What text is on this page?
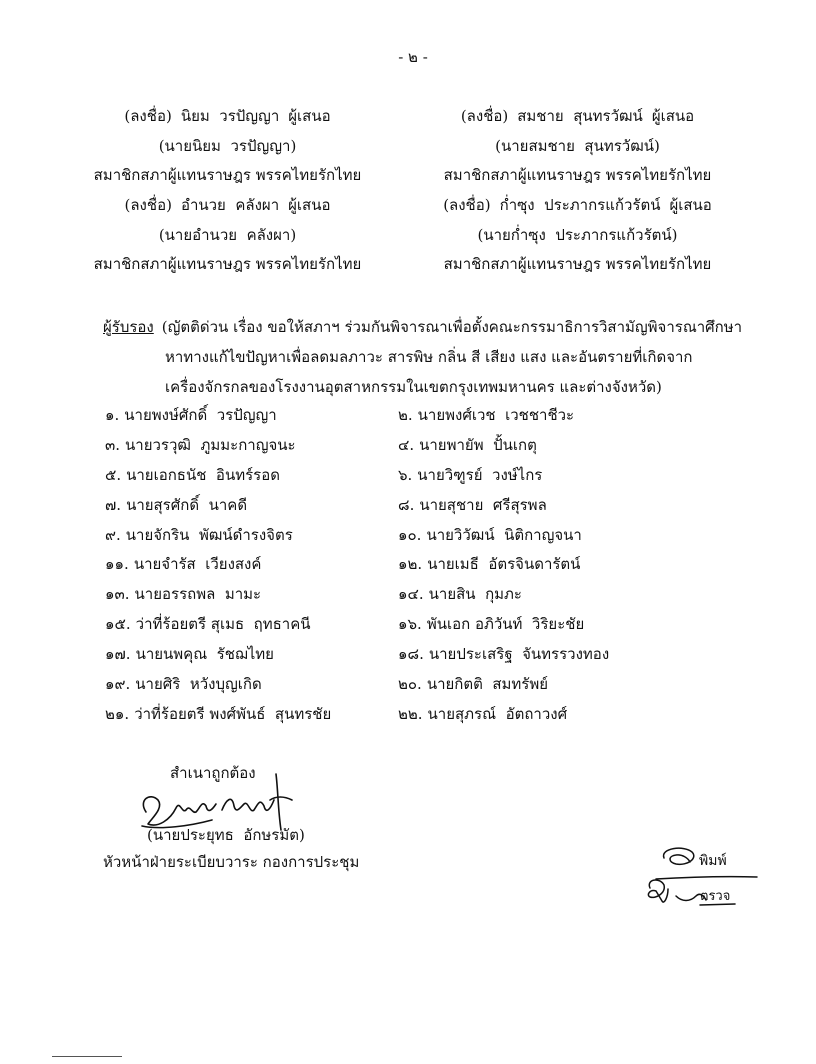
- ๒ -
(ลงชื่อ) นิยม  วรปัญญา ผู้เสนอ
(นายนิยม  วรปัญญา)
สมาชิกสภาผู้แทนราษฎร พรรคไทยรักไทย
(ลงชื่อ) สมชาย  สุนทรวัฒน์ ผู้เสนอ
(นายสมชาย  สุนทรวัฒน์)
สมาชิกสภาผู้แทนราษฎร พรรคไทยรักไทย
(ลงชื่อ) อำนวย  คลังผา ผู้เสนอ
(นายอำนวย  คลังผา)
สมาชิกสภาผู้แทนราษฎร พรรคไทยรักไทย
(ลงชื่อ) ก่ำซุง  ประภากรแก้วรัตน์ ผู้เสนอ
(นายก่ำซุง  ประภากรแก้วรัตน์)
สมาชิกสภาผู้แทนราษฎร พรรคไทยรักไทย
ผู้รับรอง (ญัตติด่วน เรื่อง ขอให้สภาฯ ร่วมกันพิจารณาเพื่อตั้งคณะกรรมาธิการวิสามัญพิจารณาศึกษา
หาทางแก้ไขปัญหาเพื่อลดมลภาวะ สารพิษ กลิ่น สี เสียง แสง และอันตรายที่เกิดจาก
เครื่องจักรกลของโรงงานอุตสาหกรรมในเขตกรุงเทพมหานคร และต่างจังหวัด)
๑. นายพงษ์ศักดิ์  วรปัญญา	๒. นายพงศ์เวช  เวชชาชีวะ
๓. นายวรวุฒิ  ภูมมะกาญจนะ	๔. นายพายัพ  ปั้นเกตุ
๕. นายเอกธนัช  อินทร์รอด	๖. นายวิฑูรย์  วงษ์ไกร
๗. นายสุรศักดิ์  นาคดี	๘. นายสุชาย  ศรีสุรพล
๙. นายจักริน  พัฒน์ดำรงจิตร	๑๐. นายวิวัฒน์  นิติกาญจนา
๑๑. นายจำรัส  เวียงสงค์	๑๒. นายเมธี  อัตรจินดารัตน์
๑๓. นายอรรถพล  มามะ	๑๔. นายสิน  กุมภะ
๑๕. ว่าที่ร้อยตรี สุเมธ  ฤทธาคนี	๑๖. พันเอก อภิวันท์  วิริยะชัย
๑๗. นายนพคุณ  รัชฌไทย	๑๘. นายประเสริฐ  จันทรรวงทอง
๑๙. นายศิริ  หวังบุญเกิด	๒๐. นายกิตติ  สมทรัพย์
๒๑. ว่าที่ร้อยตรี พงศ์พันธ์  สุนทรชัย	๒๒. นายสุภรณ์  อัตถาวงศ์
สำเนาถูกต้อง
(นายประยุทธ  อักษรมัต)
หัวหน้าฝ่ายระเบียบวาระ กองการประชุม	พิมพ์
ตรวจ
